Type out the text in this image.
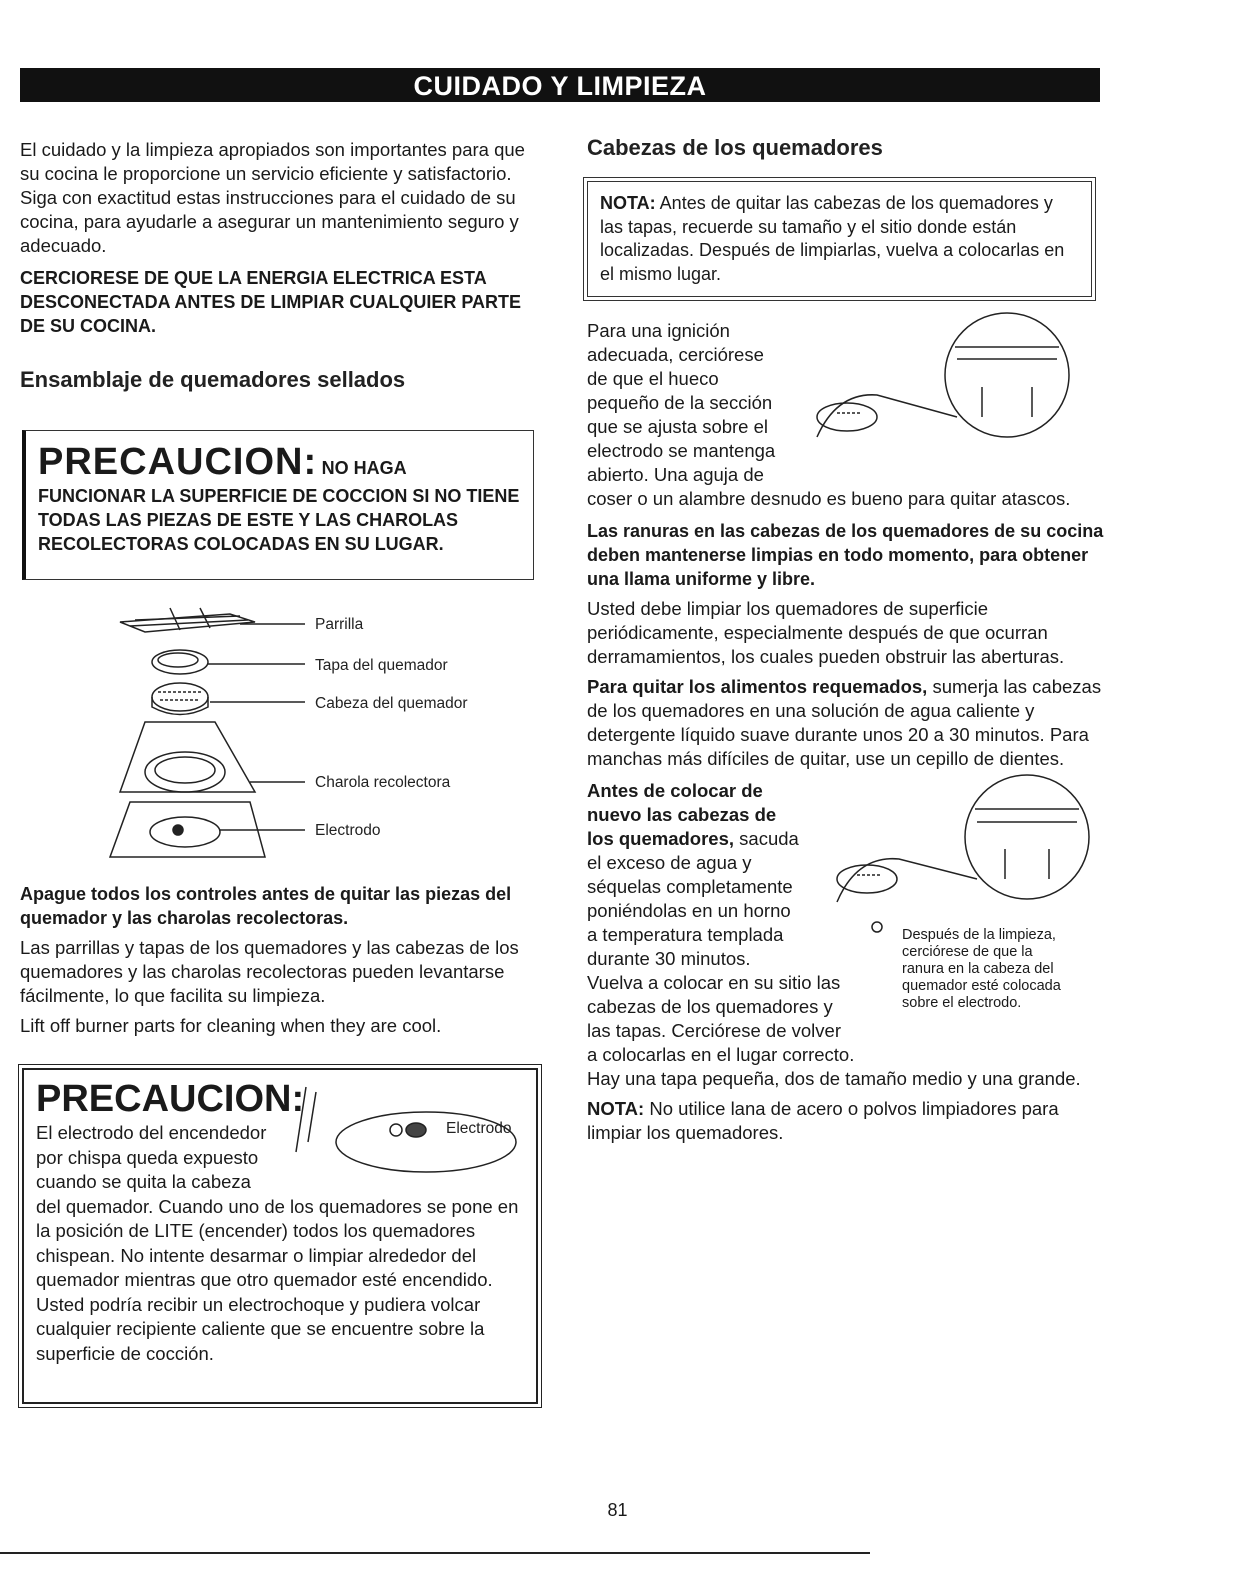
CUIDADO Y LIMPIEZA

El cuidado y la limpieza apropiados son importantes para que su cocina le proporcione un servicio eficiente y satisfactorio. Siga con exactitud estas instrucciones para el cuidado de su cocina, para ayudarle a asegurar un mantenimiento seguro y adecuado.

CERCIORESE DE QUE LA ENERGIA ELECTRICA ESTA DESCONECTADA ANTES DE LIMPIAR CUALQUIER PARTE DE SU COCINA.

Ensamblaje de quemadores sellados
PRECAUCION: NO HAGA
FUNCIONAR LA SUPERFICIE DE COCCION SI NO TIENE TODAS LAS PIEZAS DE ESTE Y LAS CHAROLAS RECOLECTORAS COLOCADAS EN SU LUGAR.
Parrilla
Tapa del quemador
Cabeza del quemador
Charola recolectora
Electrodo

Apague todos los controles antes de quitar las piezas del quemador y las charolas recolectoras.

Las parrillas y tapas de los quemadores y las cabezas de los quemadores y las charolas recolectoras pueden levantarse fácilmente, lo que facilita su limpieza.

Lift off burner parts for cleaning when they are cool.

PRECAUCION:

El electrodo del encendedor

por chispa queda expuesto

cuando se quita la cabeza

del quemador. Cuando uno de los quemadores se pone en la posición de LITE (encender) todos los quemadores chispean. No intente desarmar o limpiar alrededor del quemador mientras que otro quemador esté encendido. Usted podría recibir un electrochoque y pudiera volcar cualquier recipiente caliente que se encuentre sobre la superficie de cocción.

Electrodo
Cabezas de los quemadores

NOTA: Antes de quitar las cabezas de los quemadores y las tapas, recuerde su tamaño y el sitio donde están localizadas. Después de limpiarlas, vuelva a colocarlas en el mismo lugar.

Para una ignición

adecuada, cerciórese

de que el hueco

pequeño de la sección

que se ajusta sobre el

electrodo se mantenga

abierto. Una aguja de

coser o un alambre desnudo es bueno para quitar atascos.

Las ranuras en las cabezas de los quemadores de su cocina deben mantenerse limpias en todo momento, para obtener una llama uniforme y libre.

Usted debe limpiar los quemadores de superficie periódicamente, especialmente después de que ocurran derramamientos, los cuales pueden obstruir las aberturas.

Para quitar los alimentos requemados, sumerja las cabezas de los quemadores en una solución de agua caliente y detergente líquido suave durante unos 20 a 30 minutos. Para manchas más difíciles de quitar, use un cepillo de dientes.

Antes de colocar de

nuevo las cabezas de

los quemadores, sacuda

el exceso de agua y

séquelas completamente

poniéndolas en un horno

a temperatura templada

durante 30 minutos.

Vuelva a colocar en su sitio las

cabezas de los quemadores y

las tapas. Cerciórese de volver

a colocarlas en el lugar correcto.

Después de la limpieza,
cerciórese de que la
ranura en la cabeza del
quemador esté colocada
sobre el electrodo.

Hay una tapa pequeña, dos de tamaño medio y una grande.

NOTA: No utilice lana de acero o polvos limpiadores para limpiar los quemadores.

81
